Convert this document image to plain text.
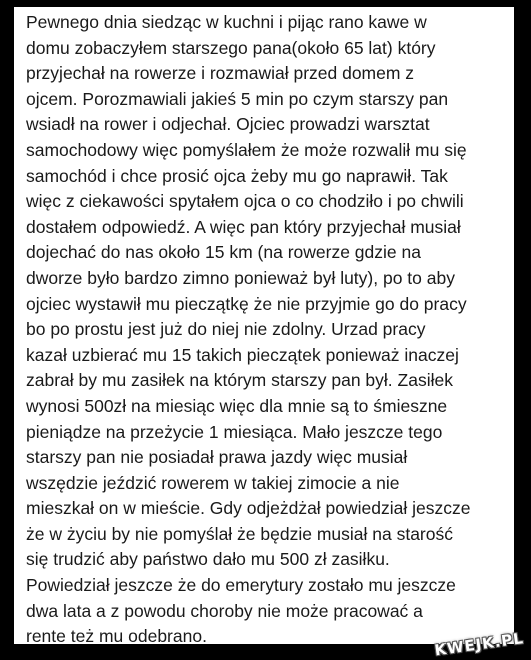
Pewnego dnia siedząc w kuchni i pijąc rano kawe w
domu zobaczyłem starszego pana(około 65 lat) który
przyjechał na rowerze i rozmawiał przed domem z
ojcem. Porozmawiali jakieś 5 min po czym starszy pan
wsiadł na rower i odjechał. Ojciec prowadzi warsztat
samochodowy więc pomyślałem że może rozwalił mu się
samochód i chce prosić ojca żeby mu go naprawił. Tak
więc z ciekawości spytałem ojca o co chodziło i po chwili
dostałem odpowiedź. A więc pan który przyjechał musiał
dojechać do nas około 15 km (na rowerze gdzie na
dworze było bardzo zimno ponieważ był luty), po to aby
ojciec wystawił mu pieczątkę że nie przyjmie go do pracy
bo po prostu jest już do niej nie zdolny. Urzad pracy
kazał uzbierać mu 15 takich pieczątek ponieważ inaczej
zabrał by mu zasiłek na którym starszy pan był. Zasiłek
wynosi 500zł na miesiąc więc dla mnie są to śmieszne
pieniądze na przeżycie 1 miesiąca. Mało jeszcze tego
starszy pan nie posiadał prawa jazdy więc musiał
wszędzie jeździć rowerem w takiej zimocie a nie
mieszkał on w mieście. Gdy odjeżdżał powiedział jeszcze
że w życiu by nie pomyślał że będzie musiał na starość
się trudzić aby państwo dało mu 500 zł zasiłku.
Powiedział jeszcze że do emerytury zostało mu jeszcze
dwa lata a z powodu choroby nie może pracować a
rente też mu odebrano.	KWEJK.PL
